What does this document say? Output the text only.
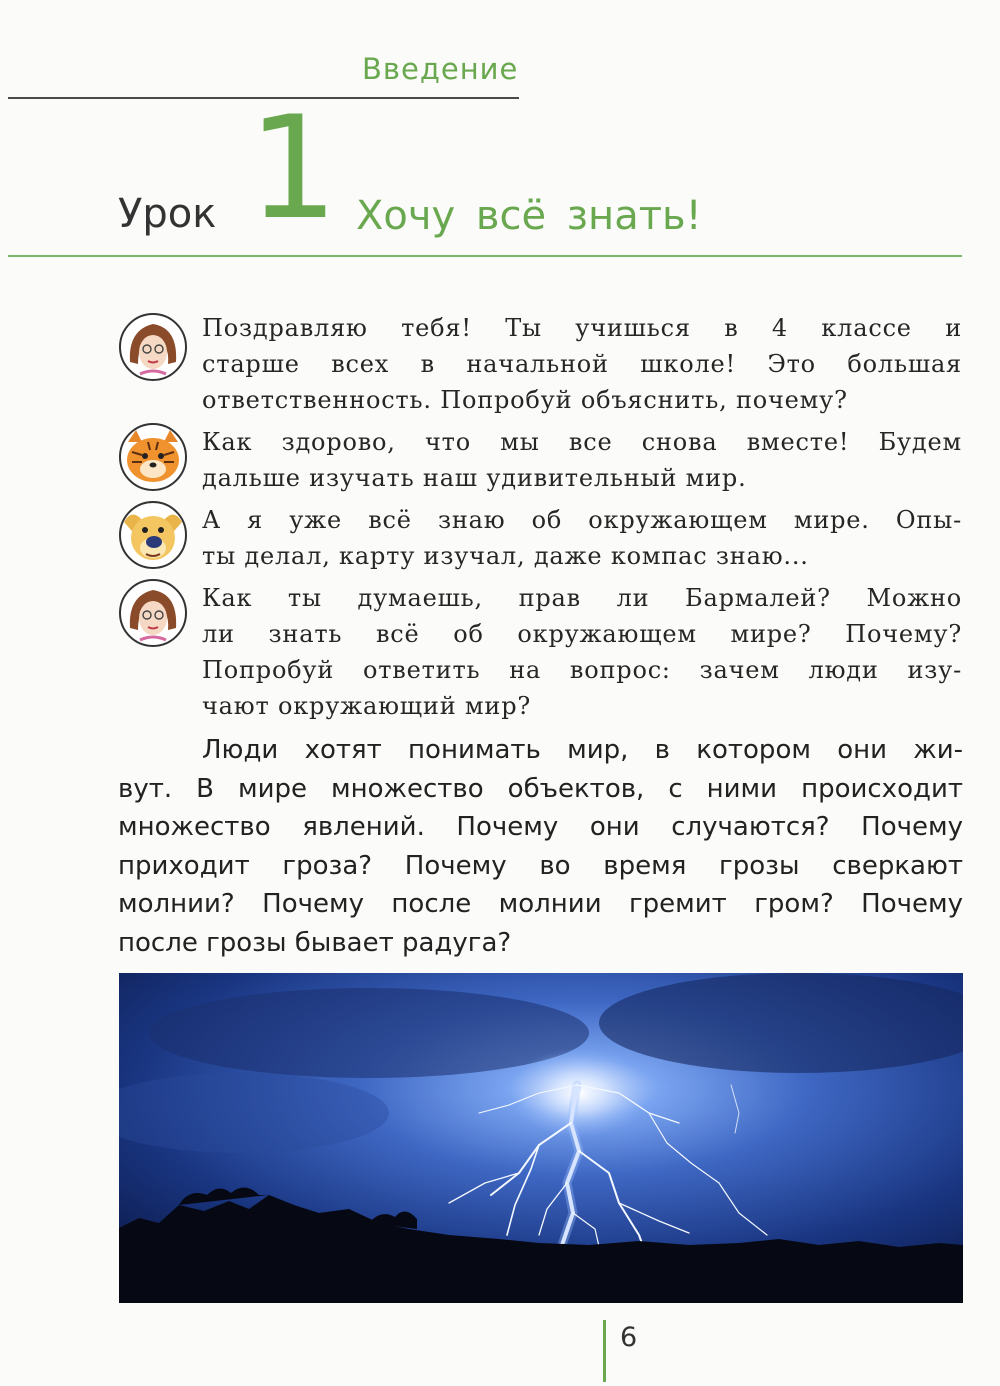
Введение
Урок 1 Хочу всё знать!
Поздравляю тебя! Ты учишься в 4 классе и
старше всех в начальной школе! Это большая
ответственность. Попробуй объяснить, почему?
Как здорово, что мы все снова вместе! Будем
дальше изучать наш удивительный мир.
А я уже всё знаю об окружающем мире. Опы-
ты делал, карту изучал, даже компас знаю...
Как ты думаешь, прав ли Бармалей? Можно
ли знать всё об окружающем мире? Почему?
Попробуй ответить на вопрос: зачем люди изу-
чают окружающий мир?
Люди хотят понимать мир, в котором они жи-
вут. В мире множество объектов, с ними происходит
множество явлений. Почему они случаются? Почему
приходит гроза? Почему во время грозы сверкают
молнии? Почему после молнии гремит гром? Почему
после грозы бывает радуга?
6
